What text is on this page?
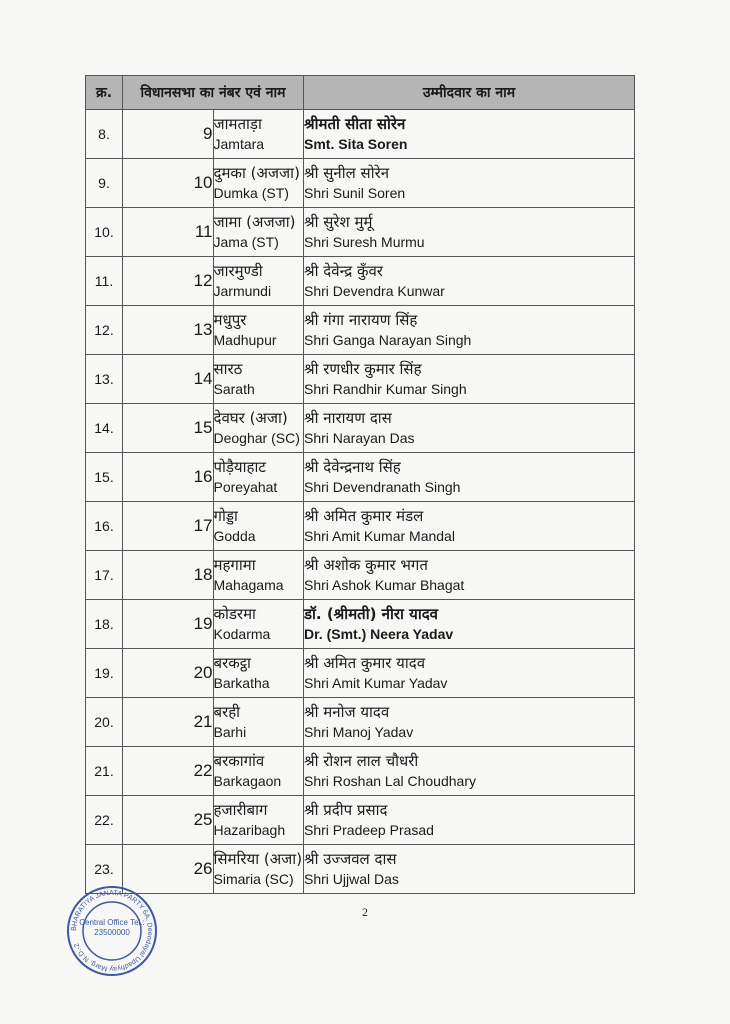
क्र.	विधानसभा का नंबर एवं नाम		उम्मीदवार का नाम
8.	9	जामताड़ा
Jamtara	श्रीमती सीता सोरेन
Smt. Sita Soren

9.	10	दुमका (अजजा)
Dumka (ST)	श्री सुनील सोरेन
Shri Sunil Soren

10.	11	जामा (अजजा)
Jama (ST)	श्री सुरेश मुर्मू
Shri Suresh Murmu

11.	12	जारमुण्डी
Jarmundi	श्री देवेन्द्र कुँवर
Shri Devendra Kunwar

12.	13	मधुपुर
Madhupur	श्री गंगा नारायण सिंह
Shri Ganga Narayan Singh

13.	14	सारठ
Sarath	श्री रणधीर कुमार सिंह
Shri Randhir Kumar Singh

14.	15	देवघर (अजा)
Deoghar (SC)	श्री नारायण दास
Shri Narayan Das

15.	16	पोड़ैयाहाट
Poreyahat	श्री देवेन्द्रनाथ सिंह
Shri Devendranath Singh

16.	17	गोड्डा
Godda	श्री अमित कुमार मंडल
Shri Amit Kumar Mandal

17.	18	महगामा
Mahagama	श्री अशोक कुमार भगत
Shri Ashok Kumar Bhagat

18.	19	कोडरमा
Kodarma	डॉ. (श्रीमती) नीरा यादव
Dr. (Smt.) Neera Yadav

19.	20	बरकट्ठा
Barkatha	श्री अमित कुमार यादव
Shri Amit Kumar Yadav

20.	21	बरही
Barhi	श्री मनोज यादव
Shri Manoj Yadav

21.	22	बरकागांव
Barkagaon	श्री रोशन लाल चौधरी
Shri Roshan Lal Choudhary

22.	25	हजारीबाग
Hazaribagh	श्री प्रदीप प्रसाद
Shri Pradeep Prasad

23.	26	सिमरिया (अजा)
Simaria (SC)	श्री उज्जवल दास
Shri Ujjwal Das
2
BHARATIYA JANATA PARTY 6A, Deendayal Upadhyay Marg, N.D.-2
Central Office Tel.: 23500000
